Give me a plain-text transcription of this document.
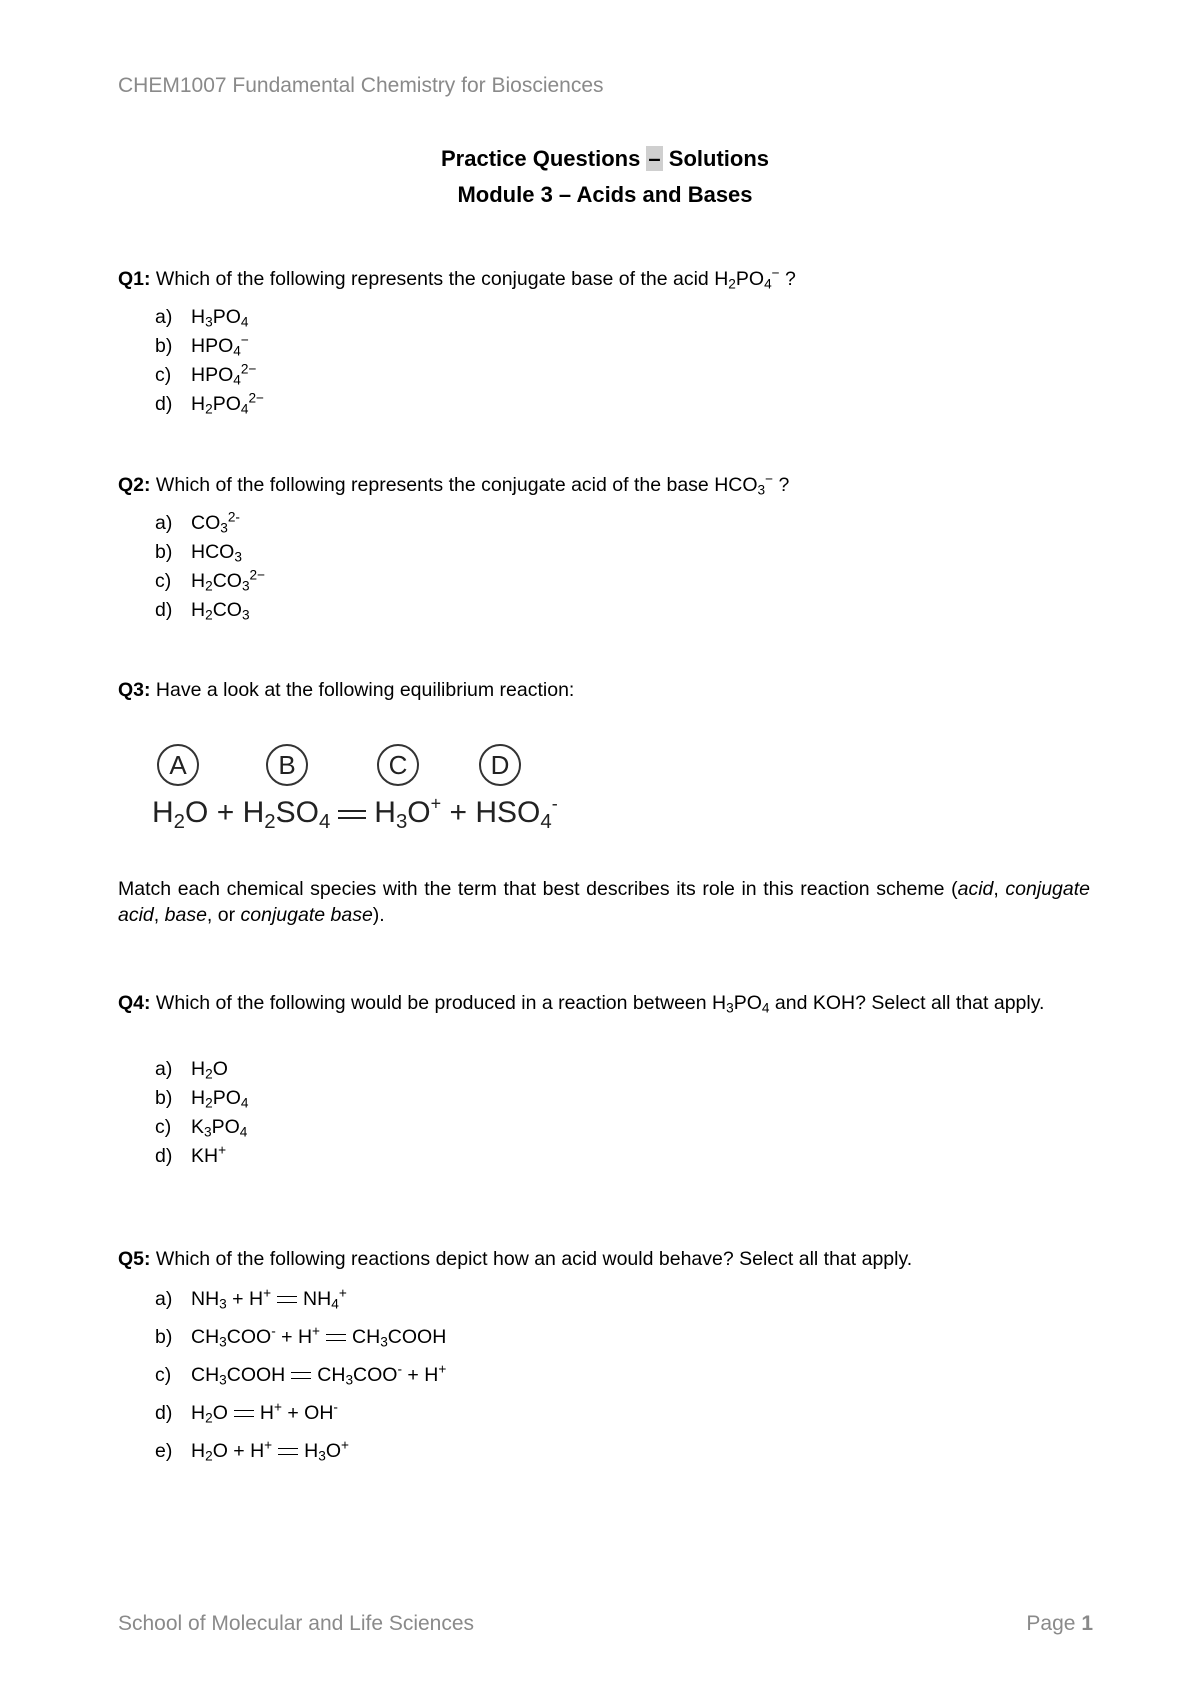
CHEM1007 Fundamental Chemistry for Biosciences
Practice Questions – Solutions
Module 3 – Acids and Bases
Q1: Which of the following represents the conjugate base of the acid $H_2PO_4^-$ ?
a) $H_3PO_4$
b) $HPO_4^-$
c) $HPO_4^{2-}$
d) $H_2PO_4^{2-}$
Q2: Which of the following represents the conjugate acid of the base $HCO_3^-$ ?
a) $CO_3^{2-}$
b) $HCO_3$
c) $H_2CO_3^{2-}$
d) $H_2CO_3$
Q3: Have a look at the following equilibrium reaction:
A	B	C	D
$H_2O + H_2SO_4$ $H_3O^+ + HSO_4^-$
Match each chemical species with the term that best describes its role in this reaction scheme (acid, conjugate acid, base, or conjugate base).
Q4: Which of the following would be produced in a reaction between $H_3PO_4$ and KOH? Select all that apply.
a) $H_2O$
b) $H_2PO_4$
c) $K_3PO_4$
d) KH+
Q5: Which of the following reactions depict how an acid would behave? Select all that apply.
a) $NH_3 + H^+$ $NH_4^+$
b) $CH_3COO^- + H^+$ $CH_3COOH$
c) $CH_3COOH$ $CH_3COO^- + H^+$
d) $H_2O$ H+ + OH-
e) $H_2O + H^+$ $H_3O^+$
School of Molecular and Life Sciences	Page 1
